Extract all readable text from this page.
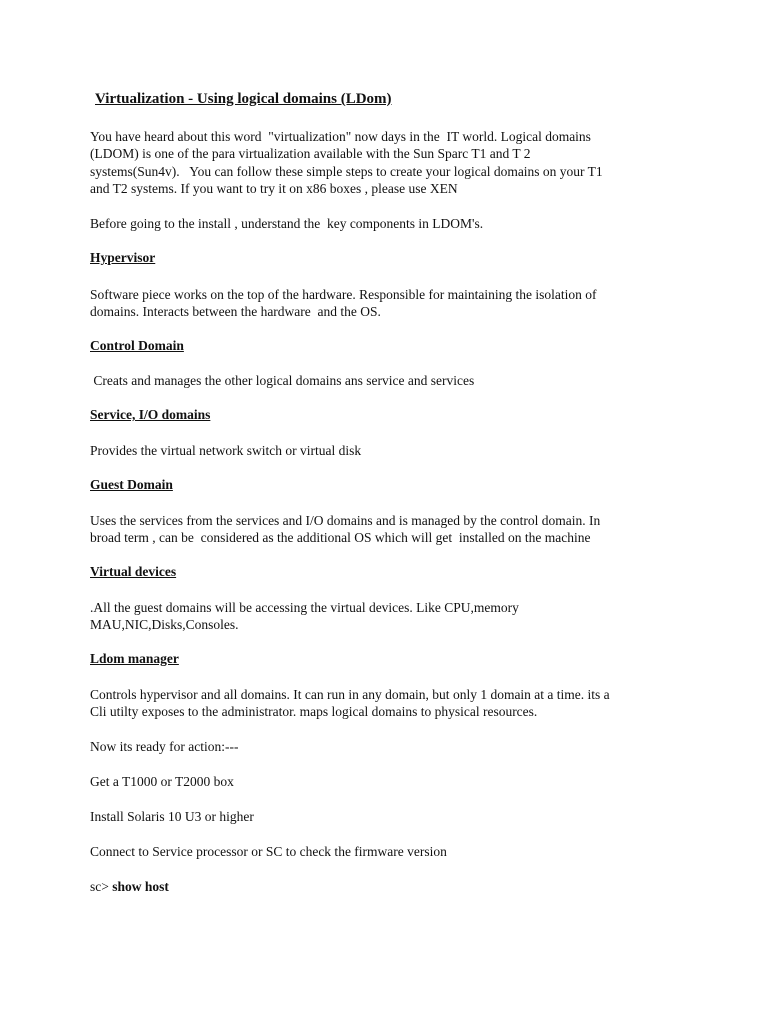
Virtualization - Using logical domains (LDom)
You have heard about this word  "virtualization" now days in the  IT world. Logical domains
(LDOM) is one of the para virtualization available with the Sun Sparc T1 and T 2
systems(Sun4v).   You can follow these simple steps to create your logical domains on your T1
and T2 systems. If you want to try it on x86 boxes , please use XEN
Before going to the install , understand the  key components in LDOM's.
Hypervisor
Software piece works on the top of the hardware. Responsible for maintaining the isolation of
domains. Interacts between the hardware  and the OS.
Control Domain
Creats and manages the other logical domains ans service and services
Service, I/O domains
Provides the virtual network switch or virtual disk
Guest Domain
Uses the services from the services and I/O domains and is managed by the control domain. In
broad term , can be  considered as the additional OS which will get  installed on the machine
Virtual devices
.All the guest domains will be accessing the virtual devices. Like CPU,memory
MAU,NIC,Disks,Consoles.
Ldom manager
Controls hypervisor and all domains. It can run in any domain, but only 1 domain at a time. its a
Cli utilty exposes to the administrator. maps logical domains to physical resources.
Now its ready for action:---
Get a T1000 or T2000 box
Install Solaris 10 U3 or higher
Connect to Service processor or SC to check the firmware version
sc> show host
